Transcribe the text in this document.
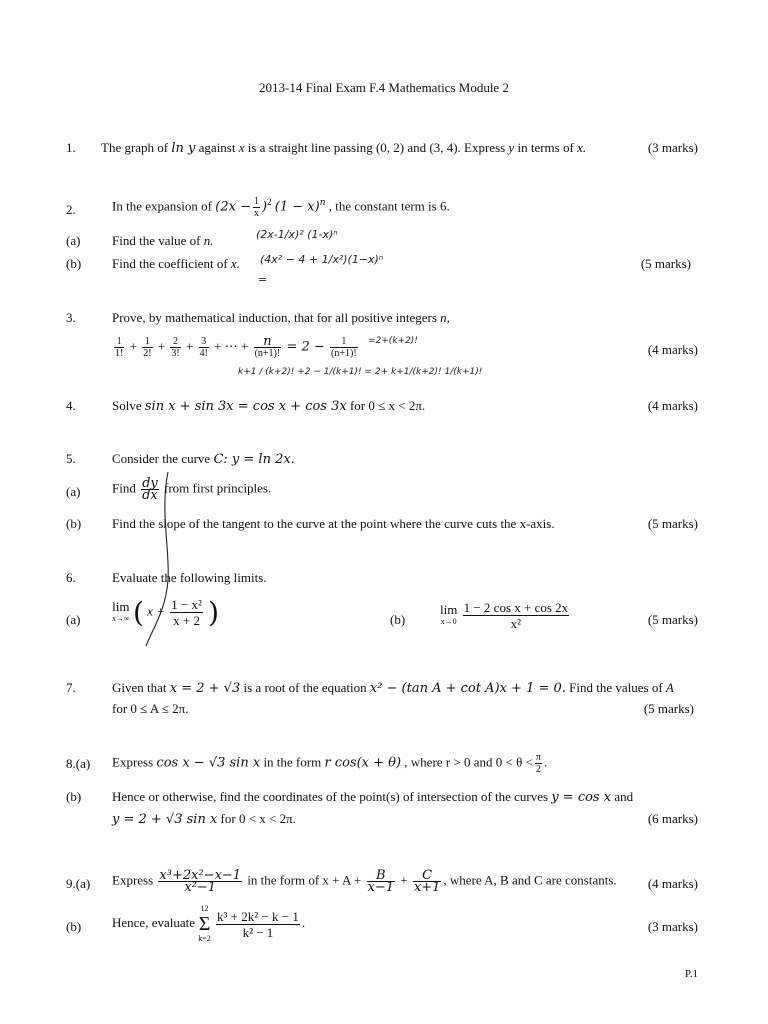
2013-14 Final Exam F.4 Mathematics Module 2
1. The graph of ln y against x is a straight line passing (0, 2) and (3, 4). Express y in terms of x.	(3 marks)
2.	In the expansion of $(2x - \frac{1}{x} )^2$ $(1 - x)^n$ , the constant term is 6.
(a) Find the value of n.	(2x-1/x)² (1-x)ⁿ
(b) Find the coefficient of x. (4x² − 4 + 1/x²)(1−x)ⁿ
=
(5 marks)
3.	Prove, by mathematical induction, that for all positive integers n,
$\frac{1}{1!} + \frac{1}{2!} + \frac{2}{3!} + \frac{3}{4!}$ + ⋯ + $\frac{n}{(n+1)!} = 2 - \frac{1}{(n+1)!} =2+(k+2)$!
k+1 / (k+2)! +2 − 1/(k+1)! = 2+ k+1/(k+2)! 1/(k+1)!
(4 marks)
4.	Solve sin x + sin 3x = cos x + cos 3x for 0 ≤ x < 2π.	(4 marks)
5.	Consider the curve C: y = ln 2x.
(a) Find $\frac{dy}{dx}$ from first principles.
(b) Find the slope of the tangent to the curve at the point where the curve cuts the x-axis.	(5 marks)
6.	Evaluate the following limits.
(a)
lim
x→∞ ( $x + \frac{\text{1 − x²}}{x + 2}$ )	(b)
lim
x→0
$\frac{\text{1 − 2 cos x + cos 2x}}{\text{x²}}$	(5 marks)
7.	Given that x = 2 + √3 is a root of the equation x² − (tan A + cot A)x + 1 = 0. Find the values of A
for 0 ≤ A ≤ 2π.	(5 marks)
8.(a) Express cos x − √3 sin x in the form r cos(x + θ) , where r > 0 and $0 < \theta < \frac{\pi}{2}$ .
(b) Hence or otherwise, find the coordinates of the point(s) of intersection of the curves y = cos x and
y = 2 + √3 sin x for 0 < x < 2π.	(6 marks)
9.(a) Express $\frac{\text{x³+2x²−x−1}}{\text{x²−1}}$ in the form of $x + A + \frac{B}{x-1} + \frac{C}{x+1}$ , where A, B and C are constants. (4 marks)
(b) Hence, evaluate
12
Σ
k=2
$\frac{\text{k³ + 2k² − k − 1}}{\text{k² − 1}}$ .	(3 marks)
P.1
